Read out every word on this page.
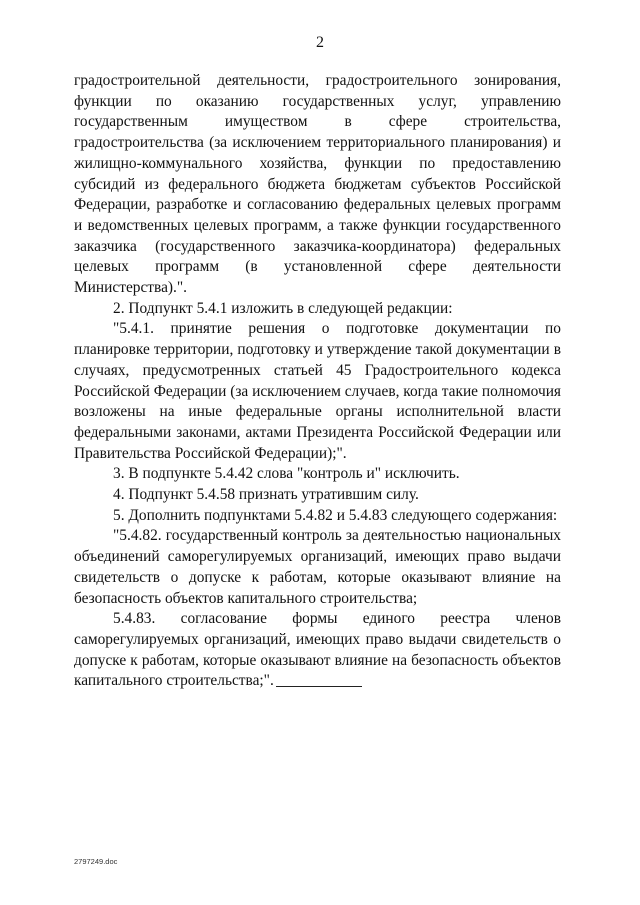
2

градостроительной деятельности, градостроительного зонирования, функции по оказанию государственных услуг, управлению государственным имуществом в сфере строительства, градостроительства (за исключением территориального планирования) и жилищно-коммунального хозяйства, функции по предоставлению субсидий из федерального бюджета бюджетам субъектов Российской Федерации, разработке и согласованию федеральных целевых программ и ведомственных целевых программ, а также функции государственного заказчика (государственного заказчика-координатора) федеральных целевых программ (в установленной сфере деятельности Министерства).".

2. Подпункт 5.4.1 изложить в следующей редакции:

"5.4.1. принятие решения о подготовке документации по планировке территории, подготовку и утверждение такой документации в случаях, предусмотренных статьей 45 Градостроительного кодекса Российской Федерации (за исключением случаев, когда такие полномочия возложены на иные федеральные органы исполнительной власти федеральными законами, актами Президента Российской Федерации или Правительства Российской Федерации);".

3. В подпункте 5.4.42 слова "контроль и" исключить.

4. Подпункт 5.4.58 признать утратившим силу.

5. Дополнить подпунктами 5.4.82 и 5.4.83 следующего содержания:

"5.4.82. государственный контроль за деятельностью национальных объединений саморегулируемых организаций, имеющих право выдачи свидетельств о допуске к работам, которые оказывают влияние на безопасность объектов капитального строительства;

5.4.83. согласование формы единого реестра членов саморегулируемых организаций, имеющих право выдачи свидетельств о допуске к работам, которые оказывают влияние на безопасность объектов капитального строительства;".

2797249.doc
